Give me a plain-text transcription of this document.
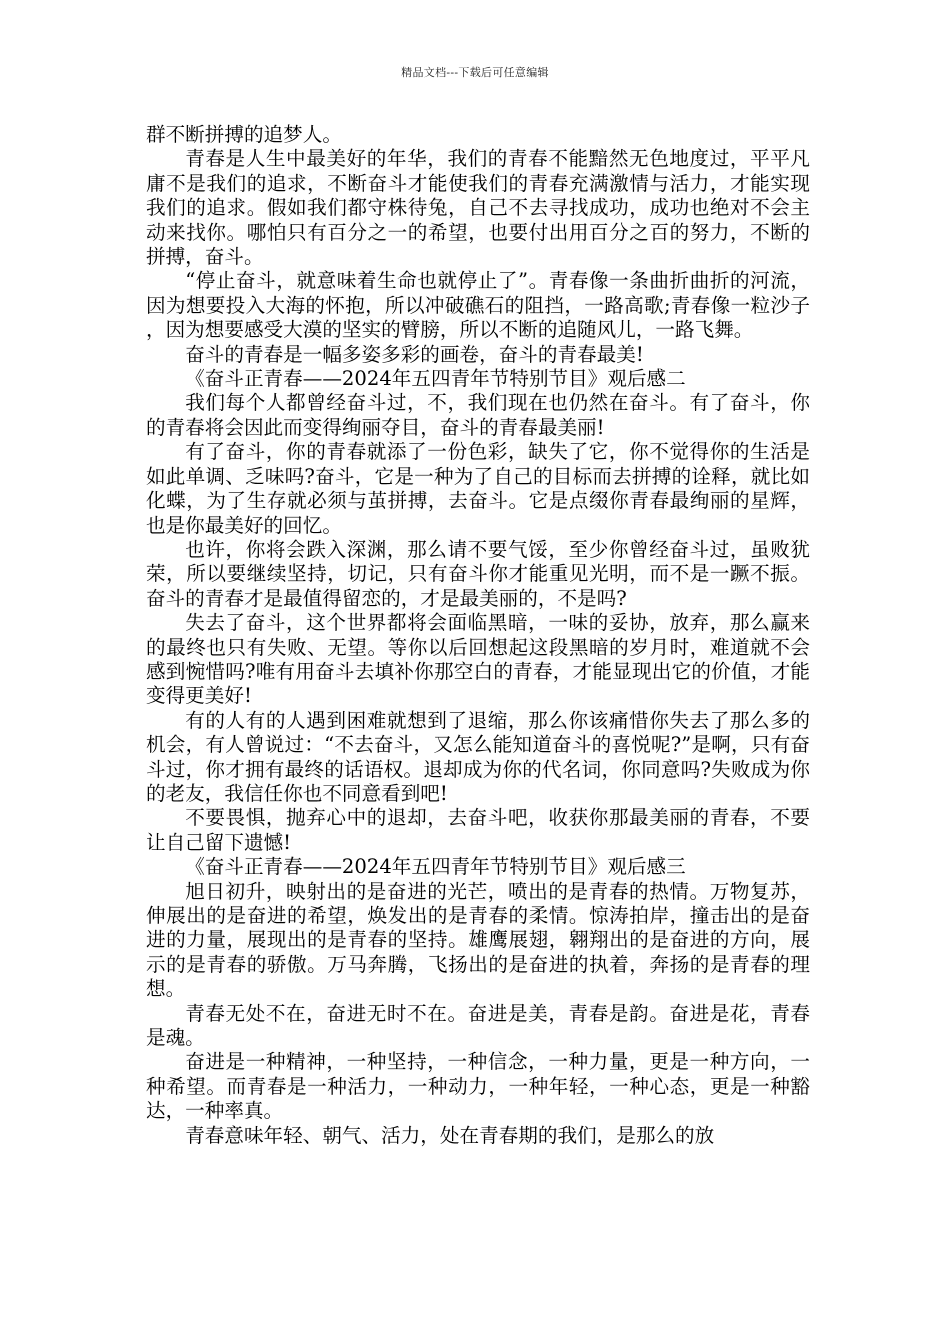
精品文档---下载后可任意编辑

群不断拼搏的追梦人。

青春是人生中最美好的年华，我们的青春不能黯然无色地度过，平平凡庸不是我们的追求，不断奋斗才能使我们的青春充满激情与活力，才能实现我们的追求。假如我们都守株待兔，自己不去寻找成功，成功也绝对不会主动来找你。哪怕只有百分之一的希望，也要付出用百分之百的努力，不断的拼搏，奋斗。

“停止奋斗，就意味着生命也就停止了”。青春像一条曲折曲折的河流，因为想要投入大海的怀抱，所以冲破礁石的阻挡，一路高歌;青春像一粒沙子，因为想要感受大漠的坚实的臂膀，所以不断的追随风儿，一路飞舞。

奋斗的青春是一幅多姿多彩的画卷，奋斗的青春最美!

《奋斗正青春——2024年五四青年节特别节目》观后感二

我们每个人都曾经奋斗过，不，我们现在也仍然在奋斗。有了奋斗，你的青春将会因此而变得绚丽夺目，奋斗的青春最美丽!

有了奋斗，你的青春就添了一份色彩，缺失了它，你不觉得你的生活是如此单调、乏味吗?奋斗，它是一种为了自己的目标而去拼搏的诠释，就比如化蝶，为了生存就必须与茧拼搏，去奋斗。它是点缀你青春最绚丽的星辉，也是你最美好的回忆。

也许，你将会跌入深渊，那么请不要气馁，至少你曾经奋斗过，虽败犹荣，所以要继续坚持，切记，只有奋斗你才能重见光明，而不是一蹶不振。奋斗的青春才是最值得留恋的，才是最美丽的，不是吗?

失去了奋斗，这个世界都将会面临黑暗，一味的妥协，放弃，那么赢来的最终也只有失败、无望。等你以后回想起这段黑暗的岁月时，难道就不会感到惋惜吗?唯有用奋斗去填补你那空白的青春，才能显现出它的价值，才能变得更美好!

有的人有的人遇到困难就想到了退缩，那么你该痛惜你失去了那么多的机会，有人曾说过：“不去奋斗，又怎么能知道奋斗的喜悦呢?”是啊，只有奋斗过，你才拥有最终的话语权。退却成为你的代名词，你同意吗?失败成为你的老友，我信任你也不同意看到吧!

不要畏惧，抛弃心中的退却，去奋斗吧，收获你那最美丽的青春，不要让自己留下遗憾!

《奋斗正青春——2024年五四青年节特别节目》观后感三

旭日初升，映射出的是奋进的光芒，喷出的是青春的热情。万物复苏，伸展出的是奋进的希望，焕发出的是青春的柔情。惊涛拍岸，撞击出的是奋进的力量，展现出的是青春的坚持。雄鹰展翅，翱翔出的是奋进的方向，展示的是青春的骄傲。万马奔腾，飞扬出的是奋进的执着，奔扬的是青春的理想。

青春无处不在，奋进无时不在。奋进是美，青春是韵。奋进是花，青春是魂。

奋进是一种精神，一种坚持，一种信念，一种力量，更是一种方向，一种希望。而青春是一种活力，一种动力，一种年轻，一种心态，更是一种豁达，一种率真。

青春意味年轻、朝气、活力，处在青春期的我们，是那么的放
